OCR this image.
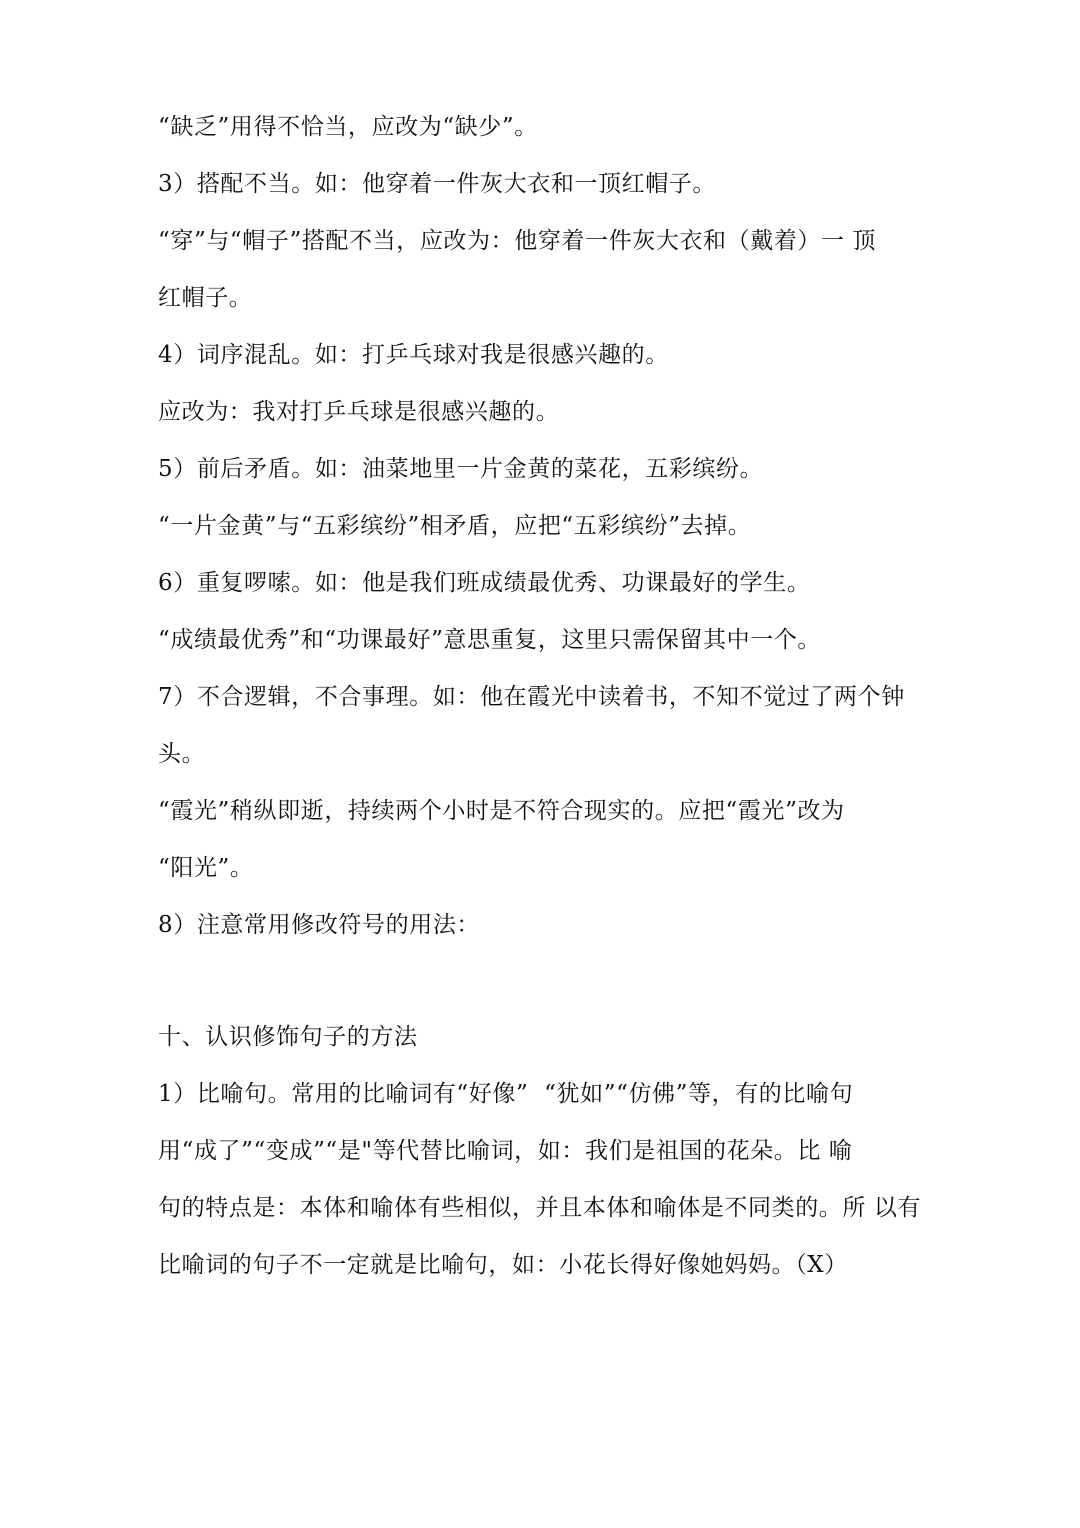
“缺乏”用得不恰当，应改为“缺少”。
3）搭配不当。如：他穿着一件灰大衣和一顶红帽子。
“穿”与“帽子”搭配不当，应改为：他穿着一件灰大衣和（戴着）一 顶
红帽子。
4）词序混乱。如：打乒乓球对我是很感兴趣的。
应改为：我对打乒乓球是很感兴趣的。
5）前后矛盾。如：油菜地里一片金黄的菜花，五彩缤纷。
“一片金黄”与“五彩缤纷”相矛盾，应把“五彩缤纷”去掉。
6）重复啰嗦。如：他是我们班成绩最优秀、功课最好的学生。
“成绩最优秀”和“功课最好”意思重复，这里只需保留其中一个。
7）不合逻辑，不合事理。如：他在霞光中读着书，不知不觉过了两个钟
头。
“霞光”稍纵即逝，持续两个小时是不符合现实的。应把“霞光”改为
“阳光”。
8）注意常用修改符号的用法：
十、认识修饰句子的方法
1）比喻句。常用的比喻词有“好像”  “犹如”“仿佛”等，有的比喻句
用“成了”“变成”“是"等代替比喻词，如：我们是祖国的花朵。比 喻
句的特点是：本体和喻体有些相似，并且本体和喻体是不同类的。所 以有
比喻词的句子不一定就是比喻句，如：小花长得好像她妈妈。（X）
